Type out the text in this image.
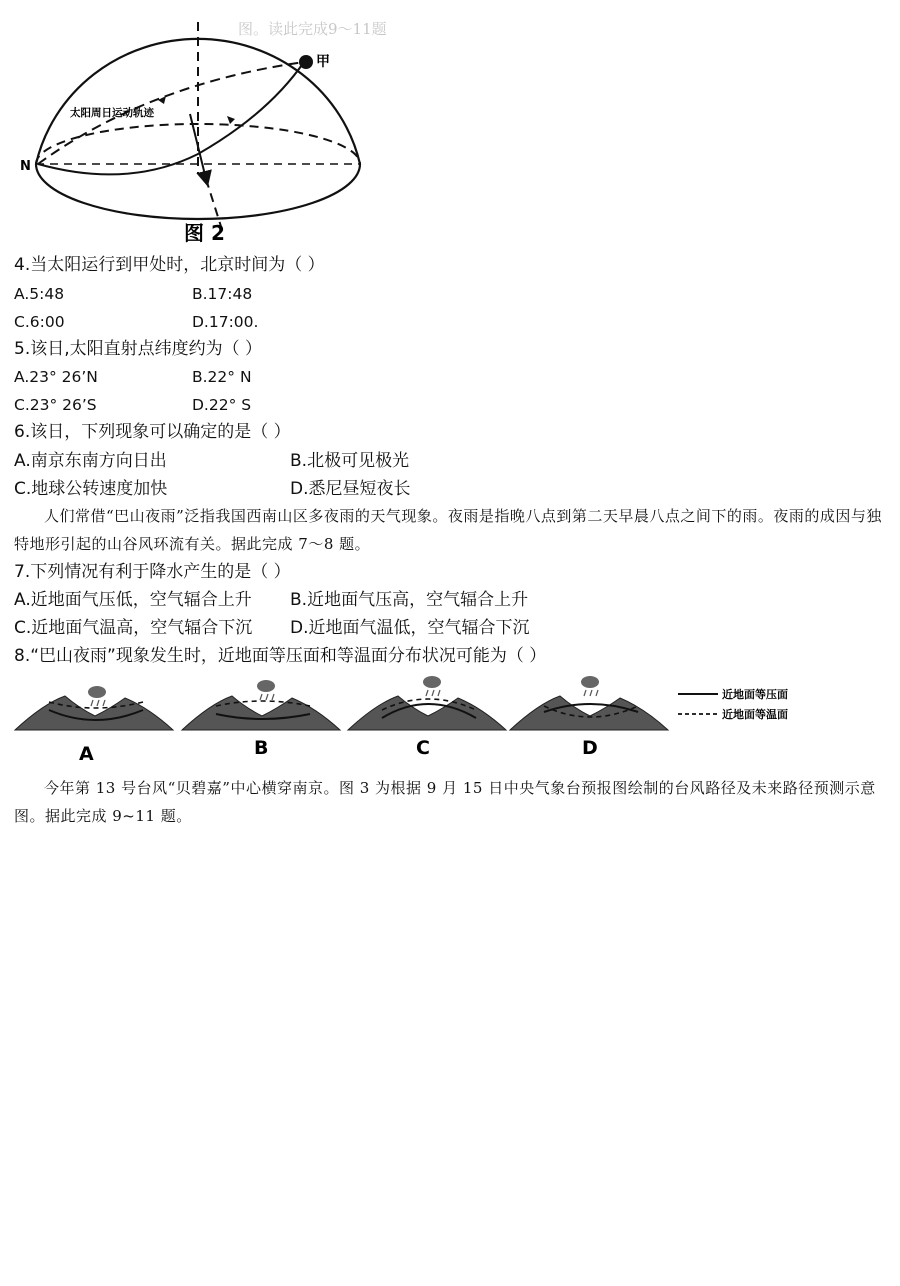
图。读此完成9～11题
甲
N
太阳周日运动轨迹
图 2
4.当太阳运行到甲处时，北京时间为（ ）
A.5:48	B.17:48
C.6:00	D.17:00.
5.该日,太阳直射点纬度约为（ ）
A.23° 26’N	B.22° N
C.23° 26’S	D.22° S
6.该日，下列现象可以确定的是（ ）
A.南京东南方向日出	B.北极可见极光
C.地球公转速度加快	D.悉尼昼短夜长
人们常借“巴山夜雨”泛指我国西南山区多夜雨的天气现象。夜雨是指晚八点到第二天早晨八点之间下的雨。夜雨的成因与独特地形引起的山谷风环流有关。据此完成 7～8 题。
7.下列情况有利于降水产生的是（ ）
A.近地面气压低，空气辐合上升 B.近地面气压高，空气辐合上升
C.近地面气温高，空气辐合下沉 D.近地面气温低，空气辐合下沉
8.“巴山夜雨”现象发生时，近地面等压面和等温面分布状况可能为（ ）
A	B	C	D
近地面等压面
近地面等温面
今年第 13 号台风“贝碧嘉”中心横穿南京。图 3 为根据 9 月 15 日中央气象台预报图绘制的台风路径及未来路径预测示意图。据此完成 9~11 题。
